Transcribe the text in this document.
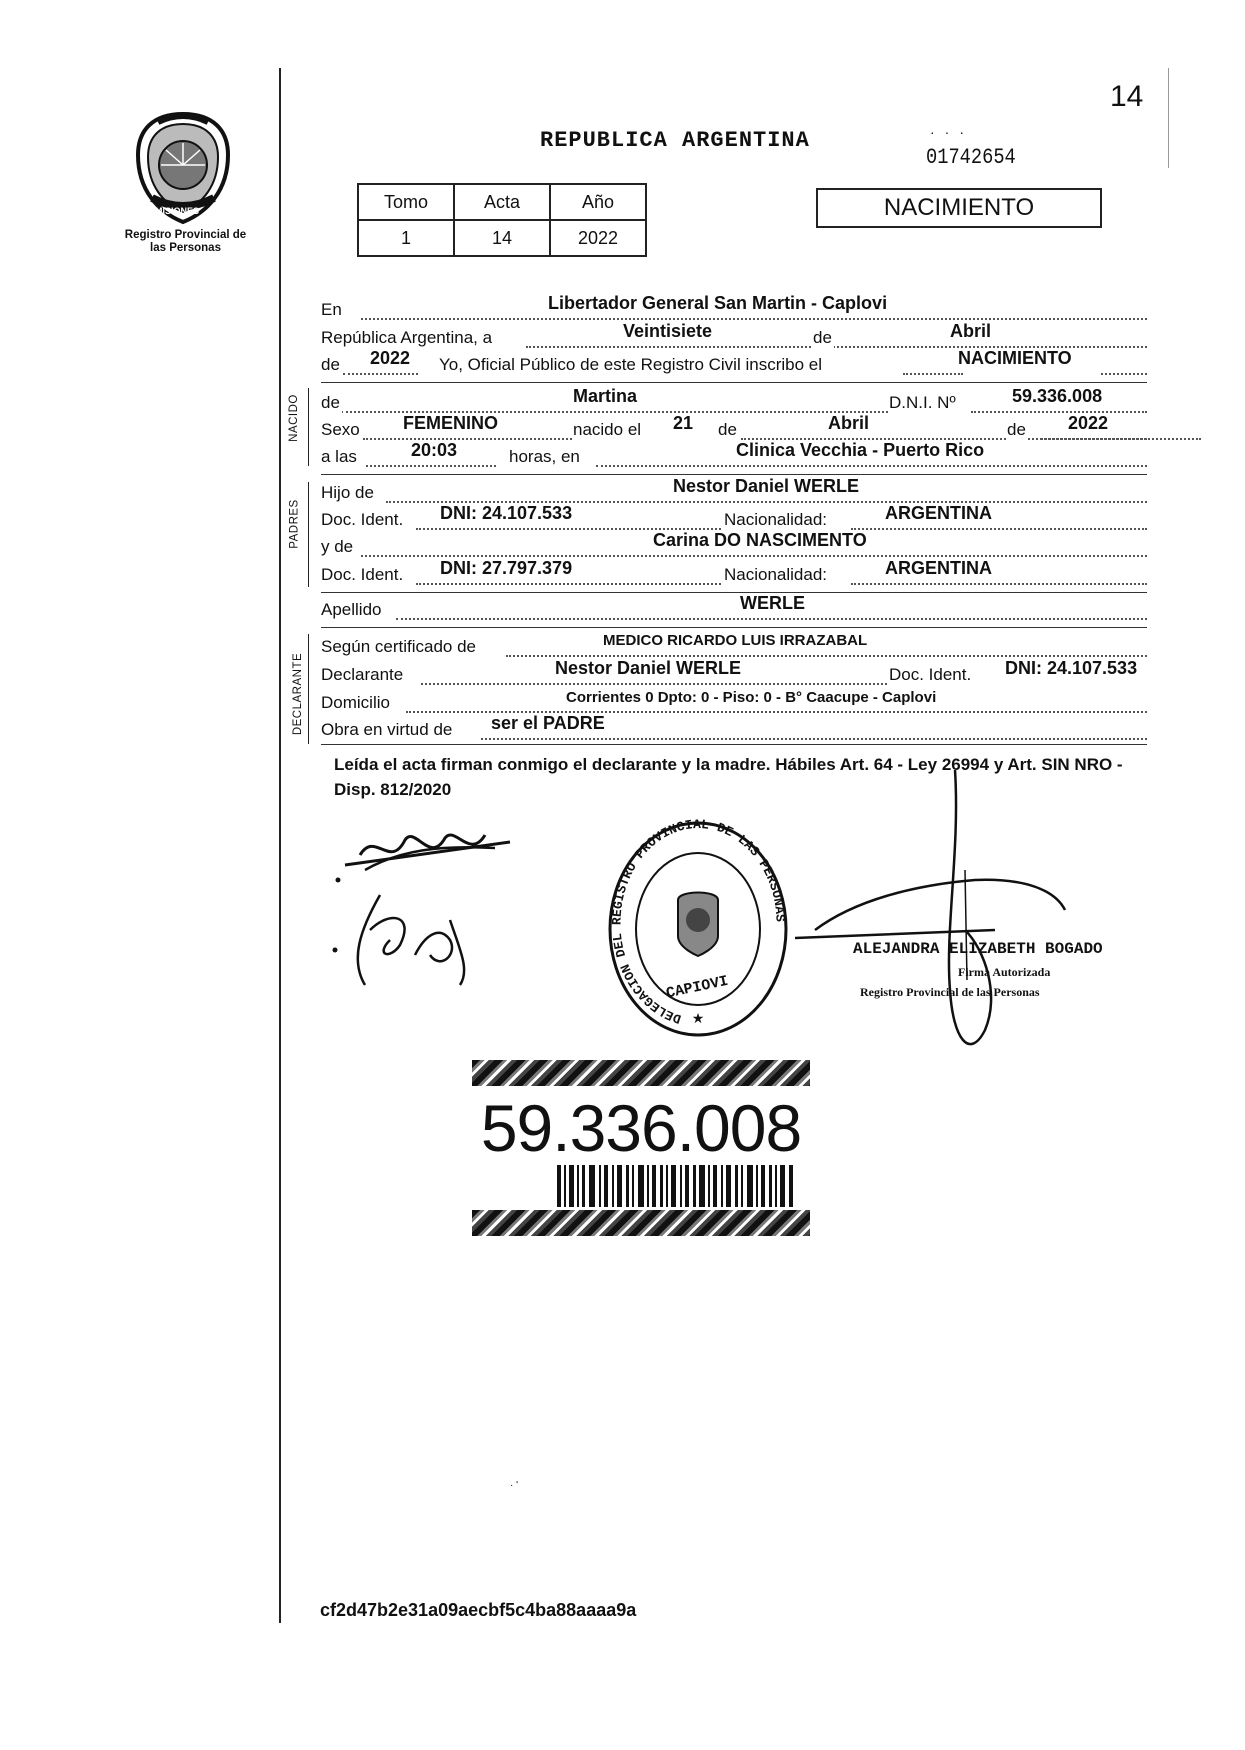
14
MISIONES
Registro Provincial de las Personas
REPUBLICA ARGENTINA	···
01742654
Tomo	Acta	Año
1	14	2022
NACIMIENTO
En	Libertador General San Martin - Caplovi
República Argentina, a	Veintisiete	de	Abril
de 2022 Yo, Oficial Público de este Registro Civil inscribo el	NACIMIENTO
NACIDO de	Martina	D.N.I. Nº	59.336.008
Sexo FEMENINO	nacido el 21 de	Abril	de 2022
a las	20:03	horas, en	Clinica Vecchia - Puerto Rico
PADRES
Hijo de	Nestor Daniel WERLE
Doc. Ident. DNI: 24.107.533	Nacionalidad:	ARGENTINA
y de	Carina DO NASCIMENTO
Doc. Ident. DNI: 27.797.379	Nacionalidad:	ARGENTINA
Apellido	WERLE
DECLARANTE
Según certificado de	MEDICO RICARDO LUIS IRRAZABAL
Declarante	Nestor Daniel WERLE	Doc. Ident. DNI: 24.107.533
Domicilio	Corrientes 0 Dpto: 0 - Piso: 0 - B° Caacupe - Caplovi
Obra en virtud de ser el PADRE
Leída el acta firman conmigo el declarante y la madre. Hábiles Art. 64 - Ley 26994 y Art. SIN NRO - Disp. 812/2020
DELEGACION DEL REGISTRO PROVINCIAL DE LAS PERSONAS
CAPIOVI
★
ALEJANDRA ELIZABETH BOGADO
Firma Autorizada
Registro Provincial de las Personas
59.336.008
· '
cf2d47b2e31a09aecbf5c4ba88aaaa9a
